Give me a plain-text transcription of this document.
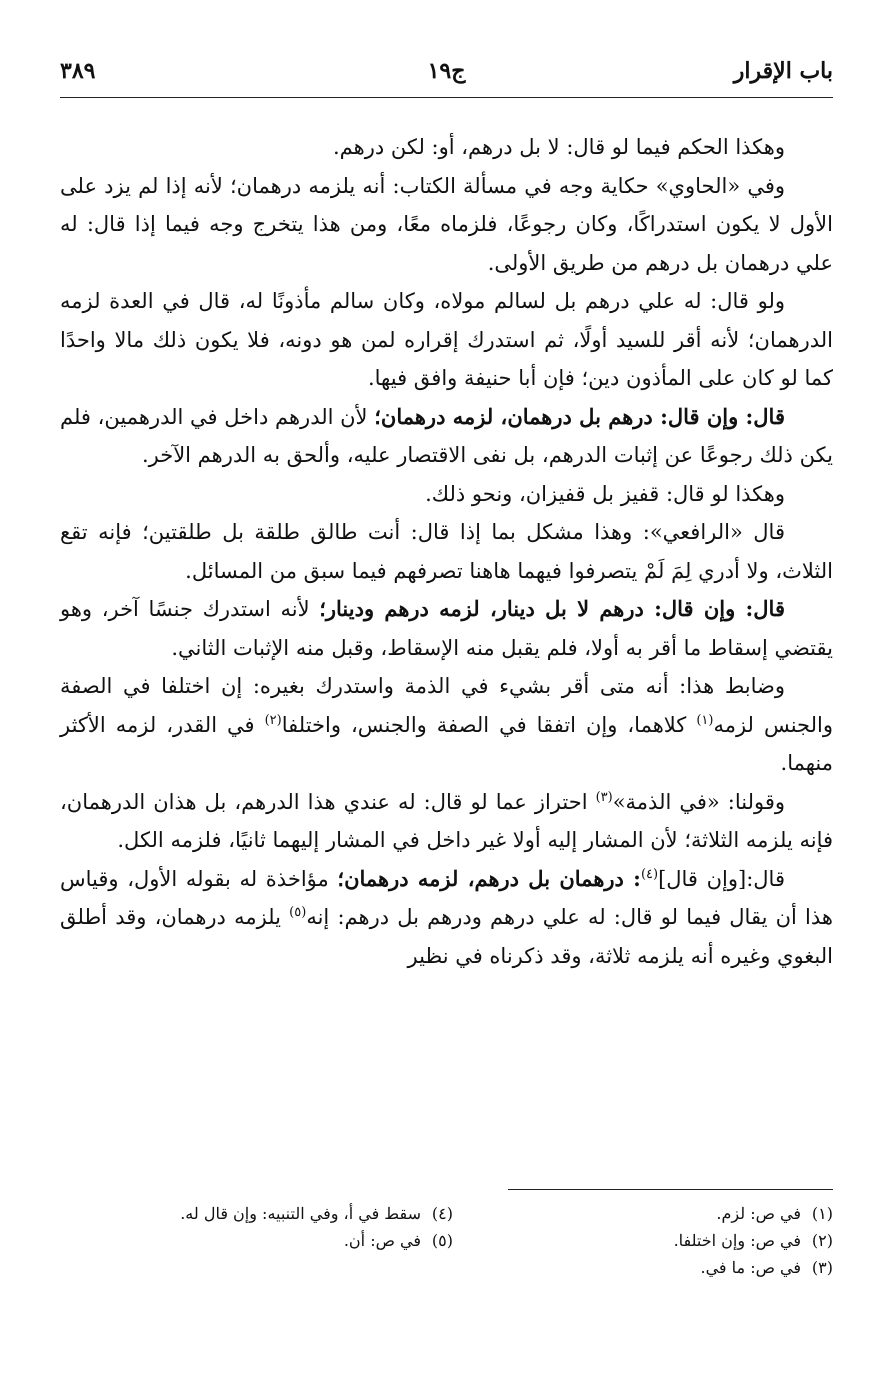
باب الإقرار
ج١٩
٣٨٩

وهكذا الحكم فيما لو قال: لا بل درهم، أو: لكن درهم.

وفي «الحاوي» حكاية وجه في مسألة الكتاب: أنه يلزمه درهمان؛ لأنه إذا لم يزد على الأول لا يكون استدراكًا، وكان رجوعًا، فلزماه معًا، ومن هذا يتخرج وجه فيما إذا قال: له علي درهمان بل درهم من طريق الأولى.

ولو قال: له علي درهم بل لسالم مولاه، وكان سالم مأذونًا له، قال في العدة لزمه الدرهمان؛ لأنه أقر للسيد أولًا، ثم استدرك إقراره لمن هو دونه، فلا يكون ذلك مالا واحدًا كما لو كان على المأذون دين؛ فإن أبا حنيفة وافق فيها.

قال: وإن قال: درهم بل درهمان، لزمه درهمان؛ لأن الدرهم داخل في الدرهمين، فلم يكن ذلك رجوعًا عن إثبات الدرهم، بل نفى الاقتصار عليه، وألحق به الدرهم الآخر.

وهكذا لو قال: قفيز بل قفيزان، ونحو ذلك.

قال «الرافعي»: وهذا مشكل بما إذا قال: أنت طالق طلقة بل طلقتين؛ فإنه تقع الثلاث، ولا أدري لِمَ لَمْ يتصرفوا فيهما هاهنا تصرفهم فيما سبق من المسائل.

قال: وإن قال: درهم لا بل دينار، لزمه درهم ودينار؛ لأنه استدرك جنسًا آخر، وهو يقتضي إسقاط ما أقر به أولا، فلم يقبل منه الإسقاط، وقبل منه الإثبات الثاني.

وضابط هذا: أنه متى أقر بشيء في الذمة واستدرك بغيره: إن اختلفا في الصفة والجنس لزمه$^{(١)}$ كلاهما، وإن اتفقا في الصفة والجنس، واختلفا$^{(٢)}$ في القدر، لزمه الأكثر منهما.

وقولنا: «في الذمة»$^{(٣)}$ احتراز عما لو قال: له عندي هذا الدرهم، بل هذان الدرهمان، فإنه يلزمه الثلاثة؛ لأن المشار إليه أولا غير داخل في المشار إليهما ثانيًا، فلزمه الكل.

قال:[وإن قال]$^{(٤)}$: درهمان بل درهم، لزمه درهمان؛ مؤاخذة له بقوله الأول، وقياس هذا أن يقال فيما لو قال: له علي درهم ودرهم بل درهم: إنه$^{(٥)}$ يلزمه درهمان، وقد أطلق البغوي وغيره أنه يلزمه ثلاثة، وقد ذكرناه في نظير

(١)في ص: لزم.
(٢)في ص: وإن اختلفا.
(٣)في ص: ما في.
(٤)سقط في أ، وفي التنبيه: وإن قال له.
(٥)في ص: أن.
